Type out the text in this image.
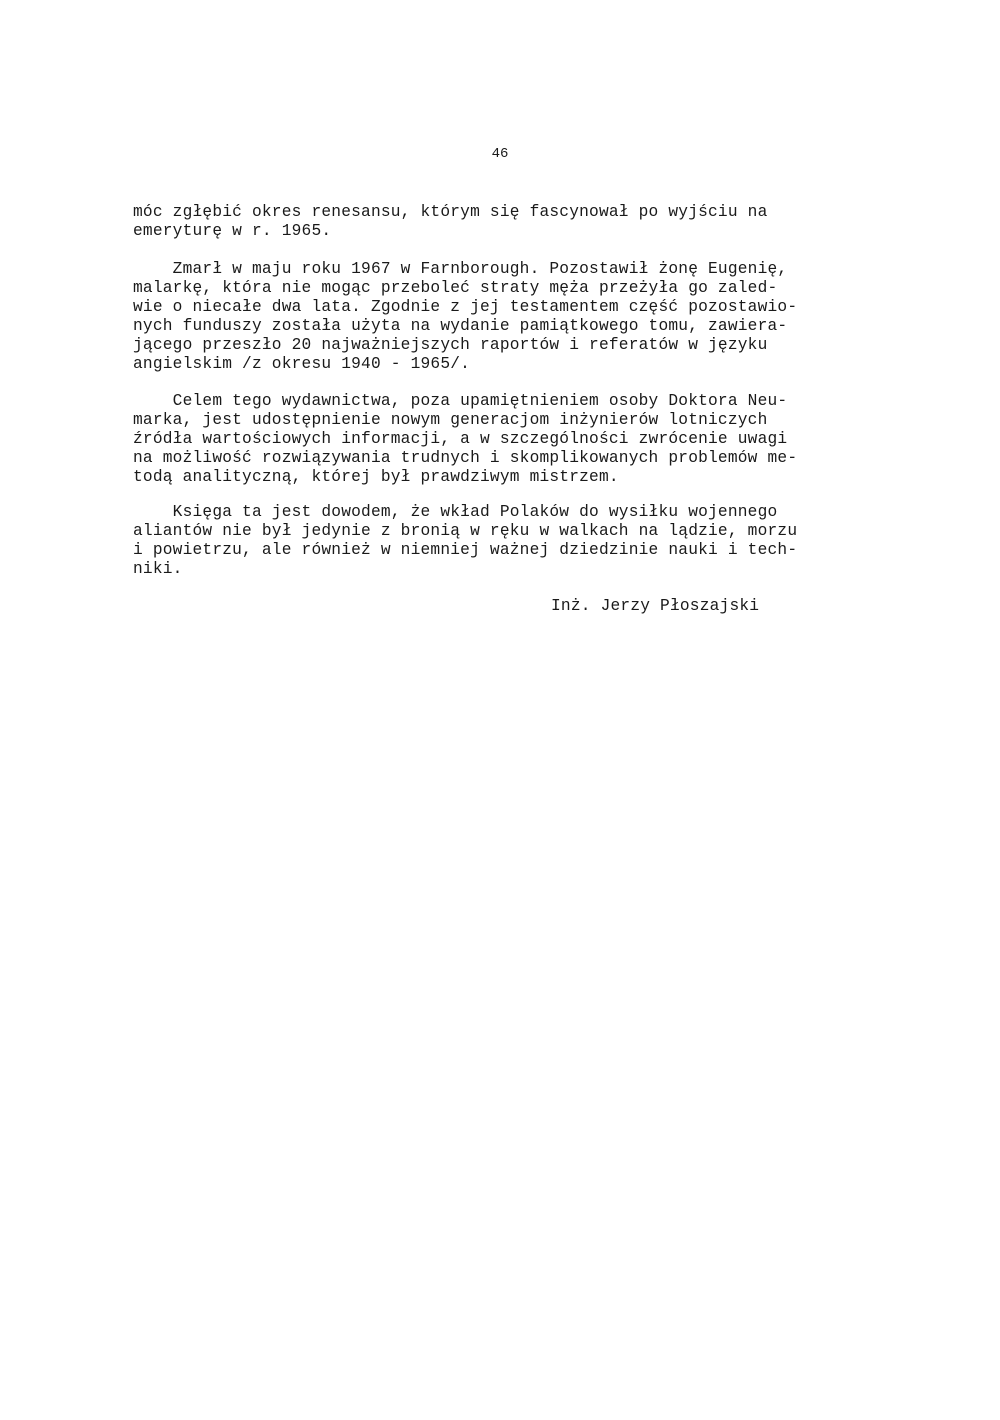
46
móc zgłębić okres renesansu, którym się fascynował po wyjściu na
emeryturę w r. 1965.
Zmarł w maju roku 1967 w Farnborough. Pozostawił żonę Eugenię,
malarkę, która nie mogąc przeboleć straty męża przeżyła go zaled-
wie o niecałe dwa lata. Zgodnie z jej testamentem część pozostawio-
nych funduszy została użyta na wydanie pamiątkowego tomu, zawiera-
jącego przeszło 20 najważniejszych raportów i referatów w języku
angielskim /z okresu 1940 - 1965/.
Celem tego wydawnictwa, poza upamiętnieniem osoby Doktora Neu-
marka, jest udostępnienie nowym generacjom inżynierów lotniczych
źródła wartościowych informacji, a w szczególności zwrócenie uwagi
na możliwość rozwiązywania trudnych i skomplikowanych problemów me-
todą analityczną, której był prawdziwym mistrzem.
Księga ta jest dowodem, że wkład Polaków do wysiłku wojennego
aliantów nie był jedynie z bronią w ręku w walkach na lądzie, morzu
i powietrzu, ale również w niemniej ważnej dziedzinie nauki i tech-
niki.
Inż. Jerzy Płoszajski
